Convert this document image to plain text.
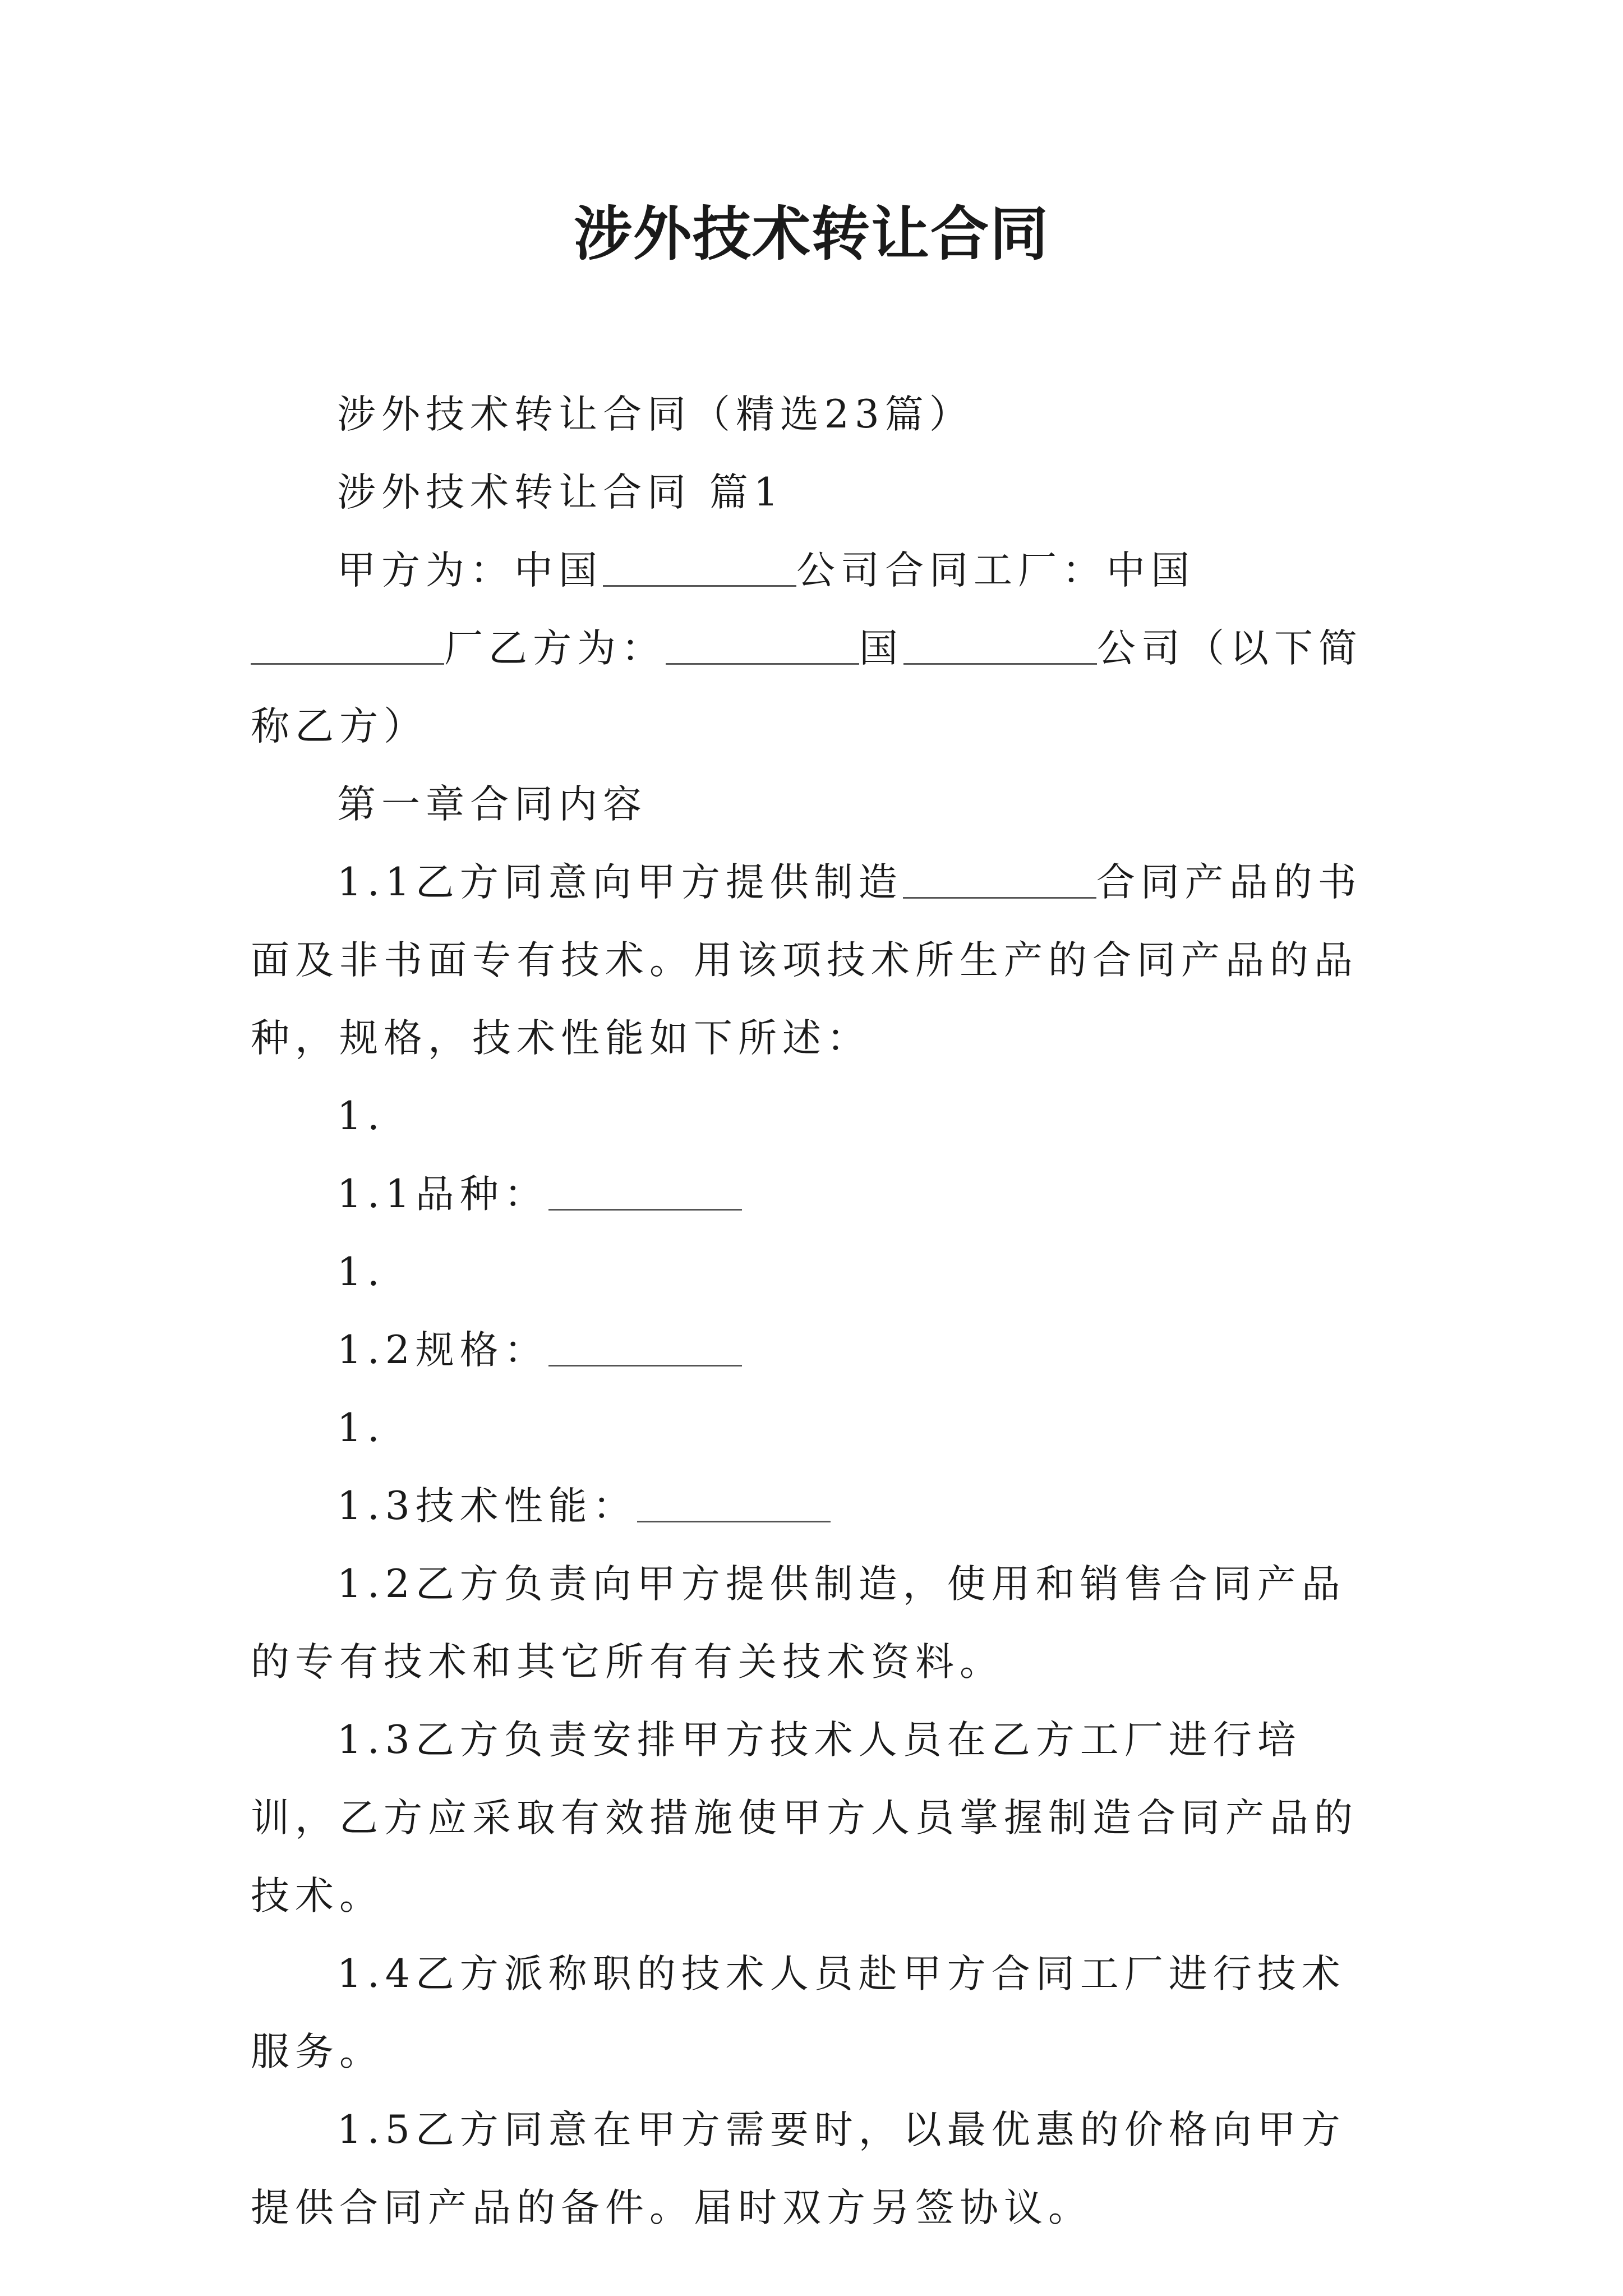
涉外技术转让合同

涉外技术转让合同（精选23篇）

涉外技术转让合同 篇1

甲方为：中国	公司合同工厂：中国厂乙方为：	国	公司（以下简称乙方）

第一章合同内容

1.1乙方同意向甲方提供制造	合同产品的书面及非书面专有技术。用该项技术所生产的合同产品的品种，规格，技术性能如下所述：

1.

1.1品种：

1.

1.2规格：

1.

1.3技术性能：

1.2乙方负责向甲方提供制造，使用和销售合同产品的专有技术和其它所有有关技术资料。

1.3乙方负责安排甲方技术人员在乙方工厂进行培训，乙方应采取有效措施使甲方人员掌握制造合同产品的技术。

1.4乙方派称职的技术人员赴甲方合同工厂进行技术服务。

1.5乙方同意在甲方需要时，以最优惠的价格向甲方提供合同产品的备件。届时双方另签协议。
